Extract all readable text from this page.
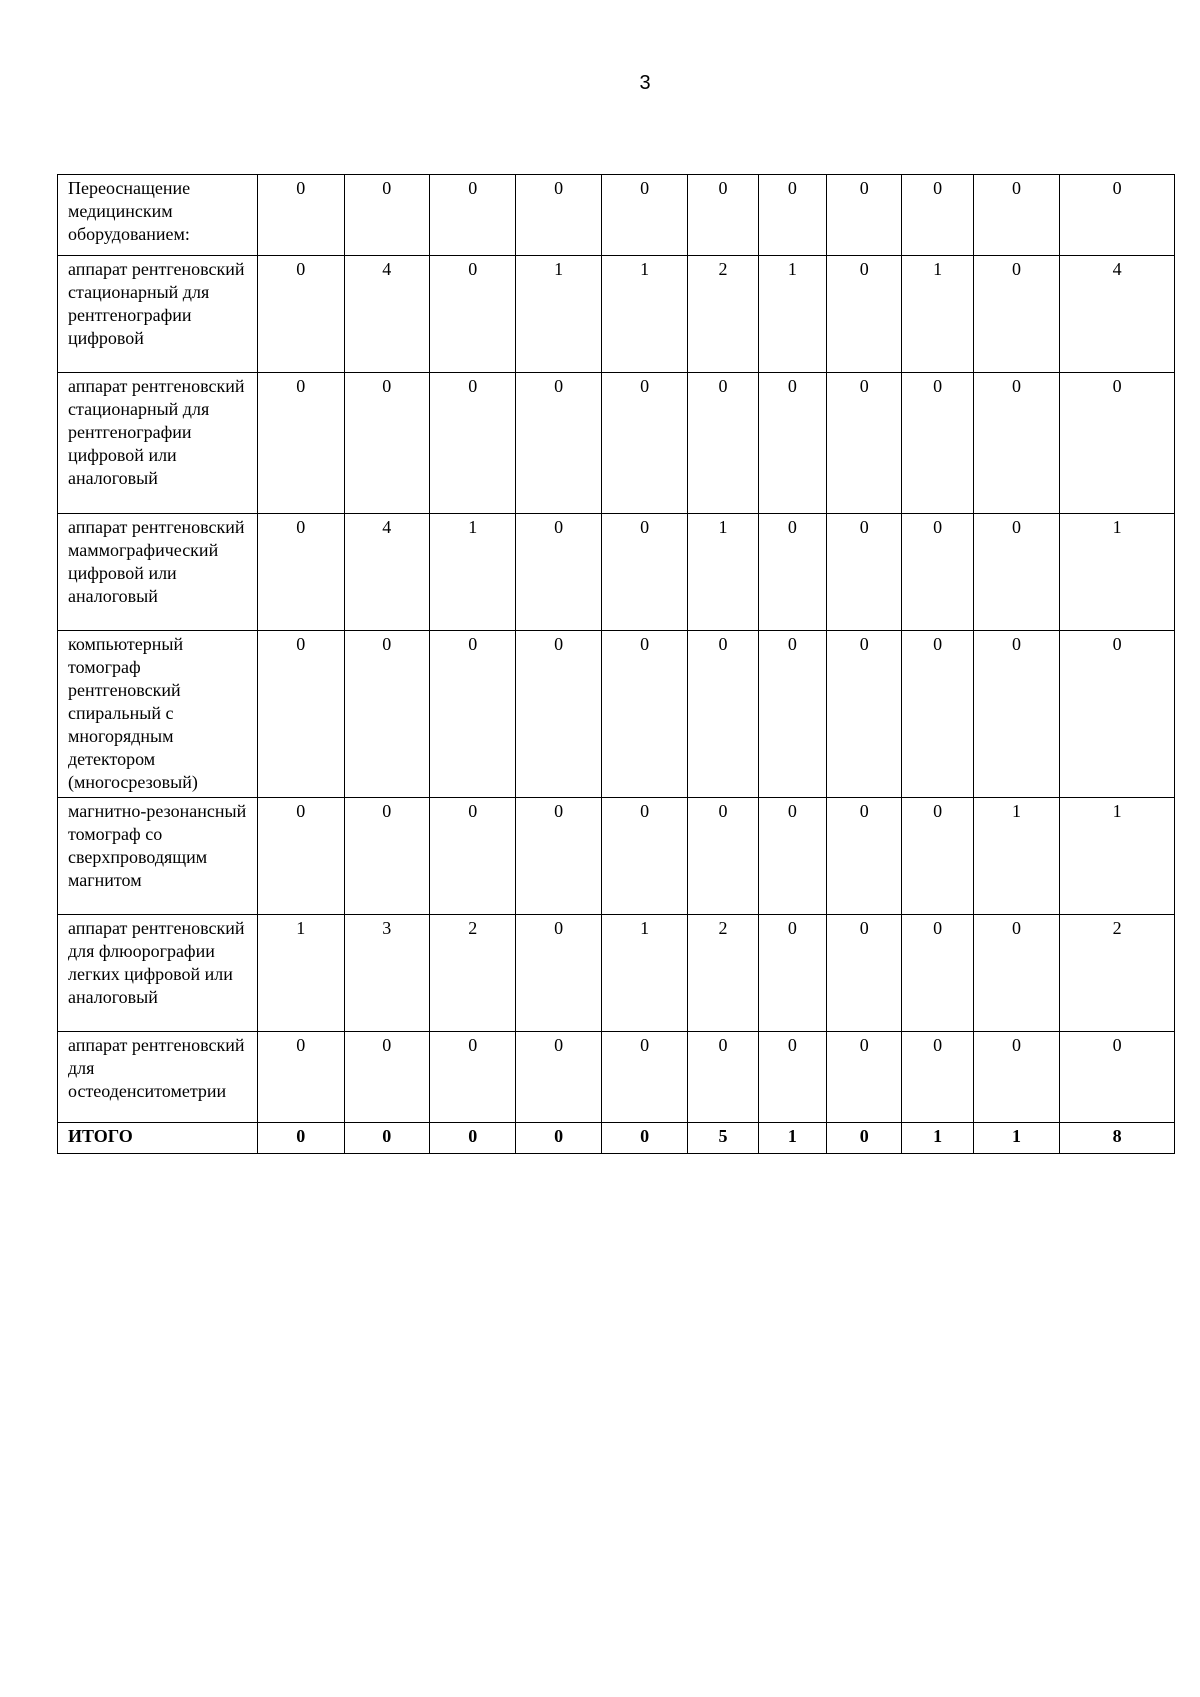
3
Переоснащение медицинским оборудованием:	0	0	0	0	0	0	0	0	0	0	0
аппарат рентгеновский стационарный для рентгенографии цифровой	0	4	0	1	1	2	1	0	1	0	4
аппарат рентгеновский стационарный для рентгенографии цифровой или аналоговый	0	0	0	0	0	0	0	0	0	0	0
аппарат рентгеновский маммографический цифровой или аналоговый	0	4	1	0	0	1	0	0	0	0	1
компьютерный томограф рентгеновский спиральный с многорядным детектором (многосрезовый)	0	0	0	0	0	0	0	0	0	0	0
магнитно-резонансный томограф со сверхпроводящим магнитом	0	0	0	0	0	0	0	0	0	1	1
аппарат рентгеновский для флюорографии легких цифровой или аналоговый	1	3	2	0	1	2	0	0	0	0	2
аппарат рентгеновский для остеоденситометрии	0	0	0	0	0	0	0	0	0	0	0
ИТОГО	0	0	0	0	0	5	1	0	1	1	8
